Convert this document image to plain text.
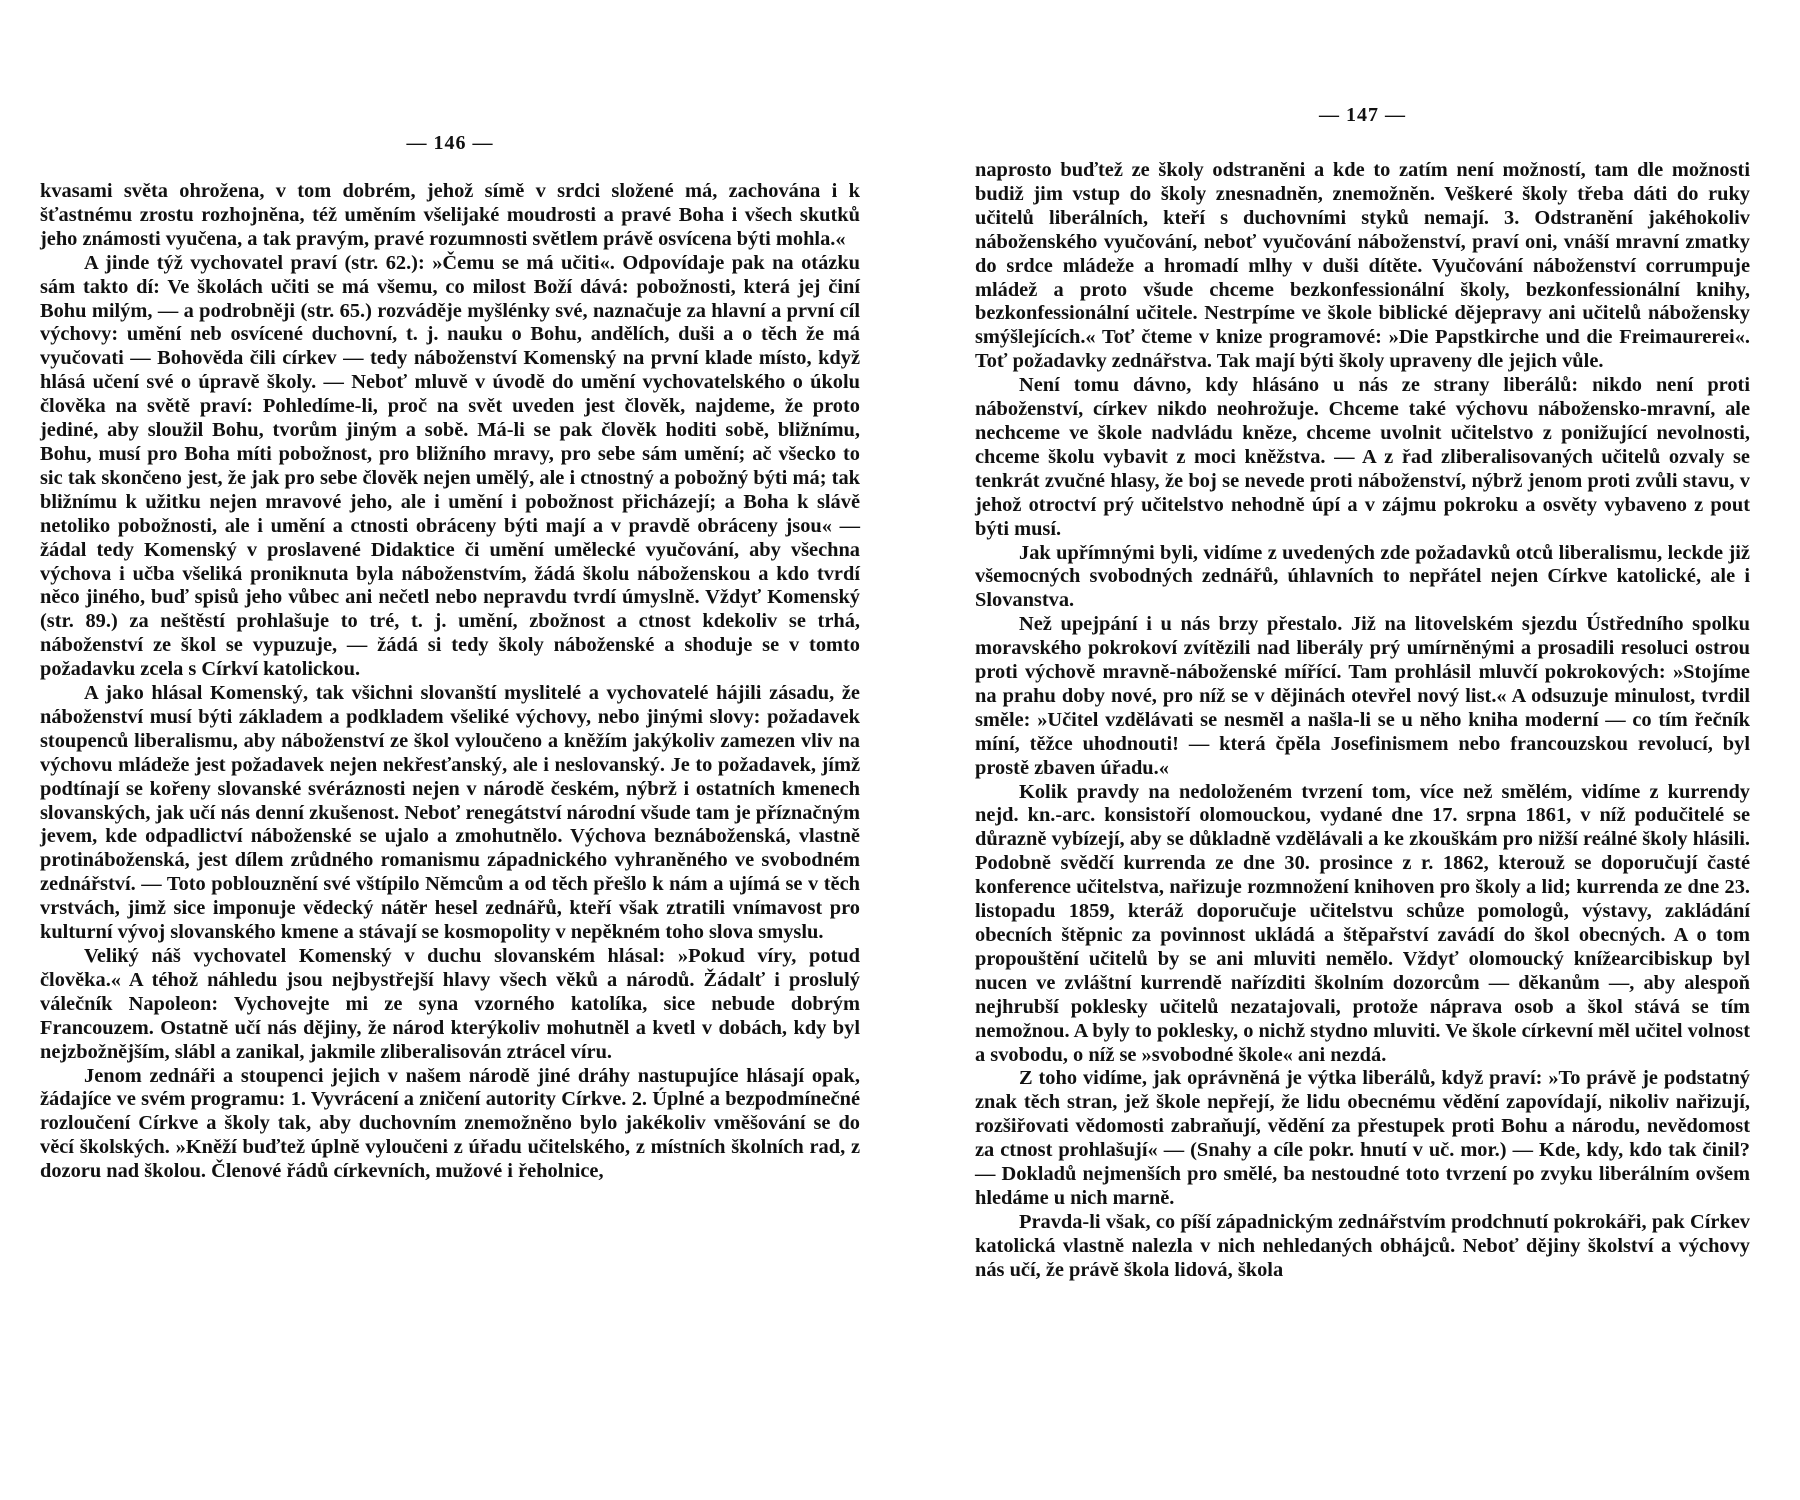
— 146 —

kvasami světa ohrožena, v tom dobrém, jehož símě v srdci složené má, zachována i k šťastnému zrostu rozhojněna, též uměním všelijaké moudrosti a pravé Boha i všech skutků jeho známosti vyučena, a tak pravým, pravé rozumnosti světlem právě osvícena býti mohla.«

A jinde týž vychovatel praví (str. 62.): »Čemu se má učiti«. Odpovídaje pak na otázku sám takto dí: Ve školách učiti se má všemu, co milost Boží dává: pobožnosti, která jej činí Bohu milým, — a podrobněji (str. 65.) rozváděje myšlénky své, naznačuje za hlavní a první cíl výchovy: umění neb osvícené duchovní, t. j. nauku o Bohu, andělích, duši a o těch že má vyučovati — Bohověda čili církev — tedy náboženství Komenský na první klade místo, když hlásá učení své o úpravě školy. — Neboť mluvě v úvodě do umění vychovatelského o úkolu člověka na světě praví: Pohledíme-li, proč na svět uveden jest člověk, najdeme, že proto jediné, aby sloužil Bohu, tvorům jiným a sobě. Má-li se pak člověk hoditi sobě, bližnímu, Bohu, musí pro Boha míti pobožnost, pro bližního mravy, pro sebe sám umění; ač všecko to sic tak skončeno jest, že jak pro sebe člověk nejen umělý, ale i ctnostný a pobožný býti má; tak bližnímu k užitku nejen mravové jeho, ale i umění i pobožnost přicházejí; a Boha k slávě netoliko pobožnosti, ale i umění a ctnosti obráceny býti mají a v pravdě obráceny jsou« — žádal tedy Komenský v proslavené Didaktice či umění umělecké vyučování, aby všechna výchova i učba všeliká proniknuta byla náboženstvím, žádá školu náboženskou a kdo tvrdí něco jiného, buď spisů jeho vůbec ani nečetl nebo nepravdu tvrdí úmyslně. Vždyť Komenský (str. 89.) za neštěstí prohlašuje to tré, t. j. umění, zbožnost a ctnost kdekoliv se trhá, náboženství ze škol se vypuzuje, — žádá si tedy školy náboženské a shoduje se v tomto požadavku zcela s Církví katolickou.

A jako hlásal Komenský, tak všichni slovanští myslitelé a vychovatelé hájili zásadu, že náboženství musí býti základem a podkladem všeliké výchovy, nebo jinými slovy: požadavek stoupenců liberalismu, aby náboženství ze škol vyloučeno a kněžím jakýkoliv zamezen vliv na výchovu mládeže jest požadavek nejen nekřesťanský, ale i neslovanský. Je to požadavek, jímž podtínají se kořeny slovanské svéráznosti nejen v národě českém, nýbrž i ostatních kmenech slovanských, jak učí nás denní zkušenost. Neboť renegátství národní všude tam je příznačným jevem, kde odpadlictví náboženské se ujalo a zmohutnělo. Výchova beznáboženská, vlastně protináboženská, jest dílem zrůdného romanismu západnického vyhraněného ve svobodném zednářství. — Toto poblouznění své vštípilo Němcům a od těch přešlo k nám a ujímá se v těch vrstvách, jimž sice imponuje vědecký nátěr hesel zednářů, kteří však ztratili vnímavost pro kulturní vývoj slovanského kmene a stávají se kosmopolity v nepěkném toho slova smyslu.

Veliký náš vychovatel Komenský v duchu slovanském hlásal: »Pokud víry, potud člověka.« A téhož náhledu jsou nejbystřejší hlavy všech věků a národů. Žádalť i proslulý válečník Napoleon: Vychovejte mi ze syna vzorného katolíka, sice nebude dobrým Francouzem. Ostatně učí nás dějiny, že národ kterýkoliv mohutněl a kvetl v dobách, kdy byl nejzbožnějším, slábl a zanikal, jakmile zliberalisován ztrácel víru.

Jenom zednáři a stoupenci jejich v našem národě jiné dráhy nastupujíce hlásají opak, žádajíce ve svém programu: 1. Vyvrácení a zničení autority Církve. 2. Úplné a bezpodmínečné rozloučení Církve a školy tak, aby duchovním znemožněno bylo jakékoliv vměšování se do věcí školských. »Kněží buďtež úplně vyloučeni z úřadu učitelského, z místních školních rad, z dozoru nad školou. Členové řádů církevních, mužové i řeholnice,

— 147 —

naprosto buďtež ze školy odstraněni a kde to zatím není možností, tam dle možnosti budiž jim vstup do školy znesnadněn, znemožněn. Veškeré školy třeba dáti do ruky učitelů liberálních, kteří s duchovními styků nemají. 3. Odstranění jakéhokoliv náboženského vyučování, neboť vyučování náboženství, praví oni, vnáší mravní zmatky do srdce mládeže a hromadí mlhy v duši dítěte. Vyučování náboženství corrumpuje mládež a proto všude chceme bezkonfessionální školy, bezkonfessionální knihy, bezkonfessionální učitele. Nestrpíme ve škole biblické dějepravy ani učitelů nábožensky smýšlejících.« Toť čteme v knize programové: »Die Papstkirche und die Freimaurerei«. Toť požadavky zednářstva. Tak mají býti školy upraveny dle jejich vůle.

Není tomu dávno, kdy hlásáno u nás ze strany liberálů: nikdo není proti náboženství, církev nikdo neohrožuje. Chceme také výchovu nábožensko-mravní, ale nechceme ve škole nadvládu kněze, chceme uvolnit učitelstvo z ponižující nevolnosti, chceme školu vybavit z moci kněžstva. — A z řad zliberalisovaných učitelů ozvaly se tenkrát zvučné hlasy, že boj se nevede proti náboženství, nýbrž jenom proti zvůli stavu, v jehož otroctví prý učitelstvo nehodně úpí a v zájmu pokroku a osvěty vybaveno z pout býti musí.

Jak upřímnými byli, vidíme z uvedených zde požadavků otců liberalismu, leckde již všemocných svobodných zednářů, úhlavních to nepřátel nejen Církve katolické, ale i Slovanstva.

Než upejpání i u nás brzy přestalo. Již na litovelském sjezdu Ústředního spolku moravského pokrokoví zvítězili nad liberály prý umírněnými a prosadili resoluci ostrou proti výchově mravně-náboženské mířící. Tam prohlásil mluvčí pokrokových: »Stojíme na prahu doby nové, pro níž se v dějinách otevřel nový list.« A odsuzuje minulost, tvrdil směle: »Učitel vzdělávati se nesměl a našla-li se u něho kniha moderní — co tím řečník míní, těžce uhodnouti! — která čpěla Josefinismem nebo francouzskou revolucí, byl prostě zbaven úřadu.«

Kolik pravdy na nedoloženém tvrzení tom, více než smělém, vidíme z kurrendy nejd. kn.-arc. konsistoří olomouckou, vydané dne 17. srpna 1861, v níž podučitelé se důrazně vybízejí, aby se důkladně vzdělávali a ke zkouškám pro nižší reálné školy hlásili. Podobně svědčí kurrenda ze dne 30. prosince z r. 1862, kterouž se doporučují časté konference učitelstva, nařizuje rozmnožení knihoven pro školy a lid; kurrenda ze dne 23. listopadu 1859, kteráž doporučuje učitelstvu schůze pomologů, výstavy, zakládání obecních štěpnic za povinnost ukládá a štěpařství zavádí do škol obecných. A o tom propouštění učitelů by se ani mluviti nemělo. Vždyť olomoucký knížearcibiskup byl nucen ve zvláštní kurrendě nařízditi školním dozorcům — děkanům —, aby alespoň nejhrubší poklesky učitelů nezatajovali, protože náprava osob a škol stává se tím nemožnou. A byly to poklesky, o nichž stydno mluviti. Ve škole církevní měl učitel volnost a svobodu, o níž se »svobodné škole« ani nezdá.

Z toho vidíme, jak oprávněná je výtka liberálů, když praví: »To právě je podstatný znak těch stran, jež škole nepřejí, že lidu obecnému vědění zapovídají, nikoliv nařizují, rozšiřovati vědomosti zabraňují, vědění za přestupek proti Bohu a národu, nevědomost za ctnost prohlašují« — (Snahy a cíle pokr. hnutí v uč. mor.) — Kde, kdy, kdo tak činil? — Dokladů nejmenších pro smělé, ba nestoudné toto tvrzení po zvyku liberálním ovšem hledáme u nich marně.

Pravda-li však, co píší západnickým zednářstvím prodchnutí pokrokáři, pak Církev katolická vlastně nalezla v nich nehledaných obhájců. Neboť dějiny školství a výchovy nás učí, že právě škola lidová, škola
